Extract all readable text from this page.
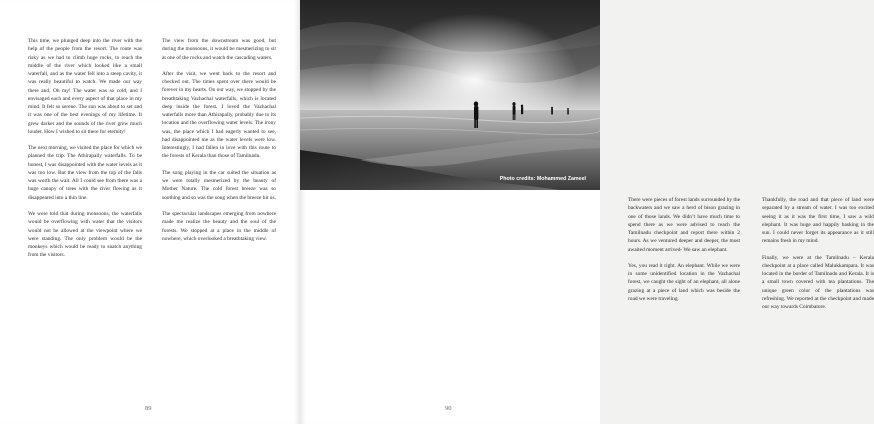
This time, we plunged deep into the river with the help of the people from the resort. The route was risky as we had to climb huge rocks, to reach the middle of the river which looked like a small waterfall, and as the water fell into a steep cavity, it was really beautiful to watch. We made our way there and, Oh my! The water was so cold, and I envisaged each and every aspect of that place in my mind. It felt so serene. The sun was about to set and it was one of the best evenings of my lifetime. It grew darker and the sounds of the river grew much louder. How I wished to sit there for eternity!

The next morning, we visited the place for which we planned the trip. The Athirapally waterfalls. To be honest, I was disappointed with the water levels as it was too low. But the view from the top of the falls was worth the wait. All I could see from there was a huge canopy of trees with the river flowing as it disappeared into a thin line.

We were told that during monsoons, the waterfalls would be overflowing with water that the visitors would not be allowed at the viewpoint where we were standing. The only problem would be the monkeys which would be ready to snatch anything from the visitors.

The view from the downstream was good, but during the monsoons, it would be mesmerizing to sit at one of the rocks and watch the cascading waters.

After the visit, we went back to the resort and checked out. The times spent over there would be forever in my hearts. On our way, we stopped by the breathtaking Vazhachal waterfalls, which is located deep inside the forest. I loved the Vazhachal waterfalls more than Athirapally, probably due to its location and the overflowing water levels. The irony was, the place which I had eagerly wanted to see, had disappointed me as the water levels were low. Interestingly, I had fallen in love with this route to the forests of Kerala than those of Tamilnadu.

The song playing in the car suited the situation as we were totally mesmerized by the beauty of Mother Nature. The cold forest breeze was so soothing and so was the song when the breeze hit us.

The spectacular landscapes emerging from nowhere made me realize the beauty and the soul of the forests. We stopped at a place in the middle of nowhere, which overlooked a breathtaking view.

89

There were pieces of forest lands surrounded by the backwaters and we saw a herd of bison grazing in one of those lands. We didn’t have much time to spend there as we were advised to reach the Tamilnadu checkpoint and report there within 2 hours. As we ventured deeper and deeper, the most awaited moment arrived- We saw an elephant.

Yes, you read it right. An elephant. While we were in some unidentified location in the Vazhachal forest, we caught the sight of an elephant, all alone grazing at a piece of land which was beside the road we were traveling.

Thankfully, the road and that piece of land were separated by a stream of water. I was too excited seeing it as it was the first time, I saw a wild elephant. It was huge and happily basking in the sun. I could never forget its appearance as it still remains fresh in my mind.

Finally, we were at the Tamilnadu – Kerala checkpoint at a place called Malukkampara. It was located in the border of Tamilnadu and Kerala. It is a small town covered with tea plantations. The unique green color of the plantations was refreshing. We reported at the checkpoint and made our way towards Coimbatore.

90
Photo credits: Mohammed Zameel
